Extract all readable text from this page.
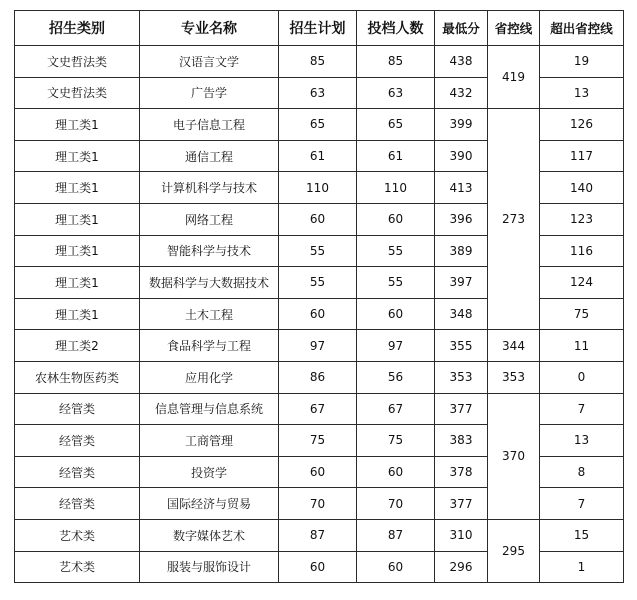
招生类别	专业名称	招生计划	投档人数	最低分	省控线	超出省控线
文史哲法类	汉语言文学	85	85	438	419	19
文史哲法类	广告学	63	63	432		13
理工类1	电子信息工程	65	65	399	273	126
理工类1	通信工程	61	61	390		117
理工类1	计算机科学与技术	110	110	413		140
理工类1	网络工程	60	60	396		123
理工类1	智能科学与技术	55	55	389		116
理工类1	数据科学与大数据技术	55	55	397		124
理工类1	土木工程	60	60	348		75
理工类2	食品科学与工程	97	97	355	344	11
农林生物医药类	应用化学	86	56	353	353	0
经管类	信息管理与信息系统	67	67	377	370	7
经管类	工商管理	75	75	383		13
经管类	投资学	60	60	378		8
经管类	国际经济与贸易	70	70	377		7
艺术类	数字媒体艺术	87	87	310	295	15
艺术类	服装与服饰设计	60	60	296		1
